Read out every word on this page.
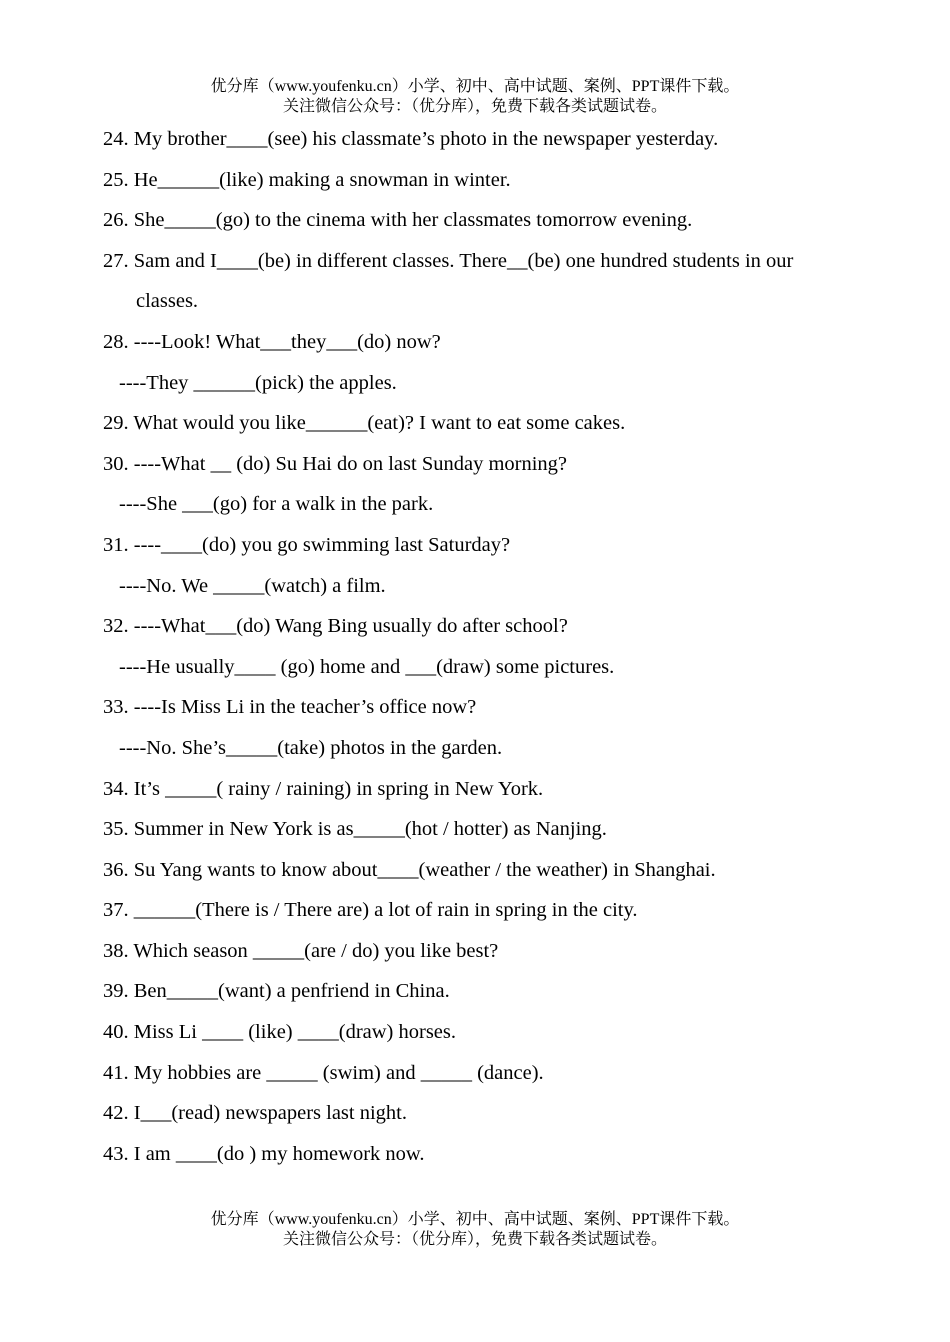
优分库（www.youfenku.cn）小学、初中、高中试题、案例、PPT课件下载。
关注微信公众号：（优分库），免费下载各类试题试卷。
24. My brother____(see) his classmate’s photo in the newspaper yesterday.
25. He______(like) making a snowman in winter.
26. She_____(go) to the cinema with her classmates tomorrow evening.
27. Sam and I____(be) in different classes. There__(be) one hundred students in our
classes.
28. ----Look! What___they___(do) now?
----They ______(pick) the apples.
29. What would you like______(eat)? I want to eat some cakes.
30. ----What __ (do) Su Hai do on last Sunday morning?
----She ___(go) for a walk in the park.
31. ----____(do) you go swimming last Saturday?
----No. We _____(watch) a film.
32. ----What___(do) Wang Bing usually do after school?
----He usually____ (go) home and ___(draw) some pictures.
33. ----Is Miss Li in the teacher’s office now?
----No. She’s_____(take) photos in the garden.
34. It’s _____( rainy / raining) in spring in New York.
35. Summer in New York is as_____(hot / hotter) as Nanjing.
36. Su Yang wants to know about____(weather / the weather) in Shanghai.
37. ______(There is / There are) a lot of rain in spring in the city.
38. Which season _____(are / do) you like best?
39. Ben_____(want) a penfriend in China.
40. Miss Li ____ (like) ____(draw) horses.
41. My hobbies are _____ (swim) and _____ (dance).
42. I___(read) newspapers last night.
43. I am ____(do ) my homework now.
优分库（www.youfenku.cn）小学、初中、高中试题、案例、PPT课件下载。
关注微信公众号：（优分库），免费下载各类试题试卷。
